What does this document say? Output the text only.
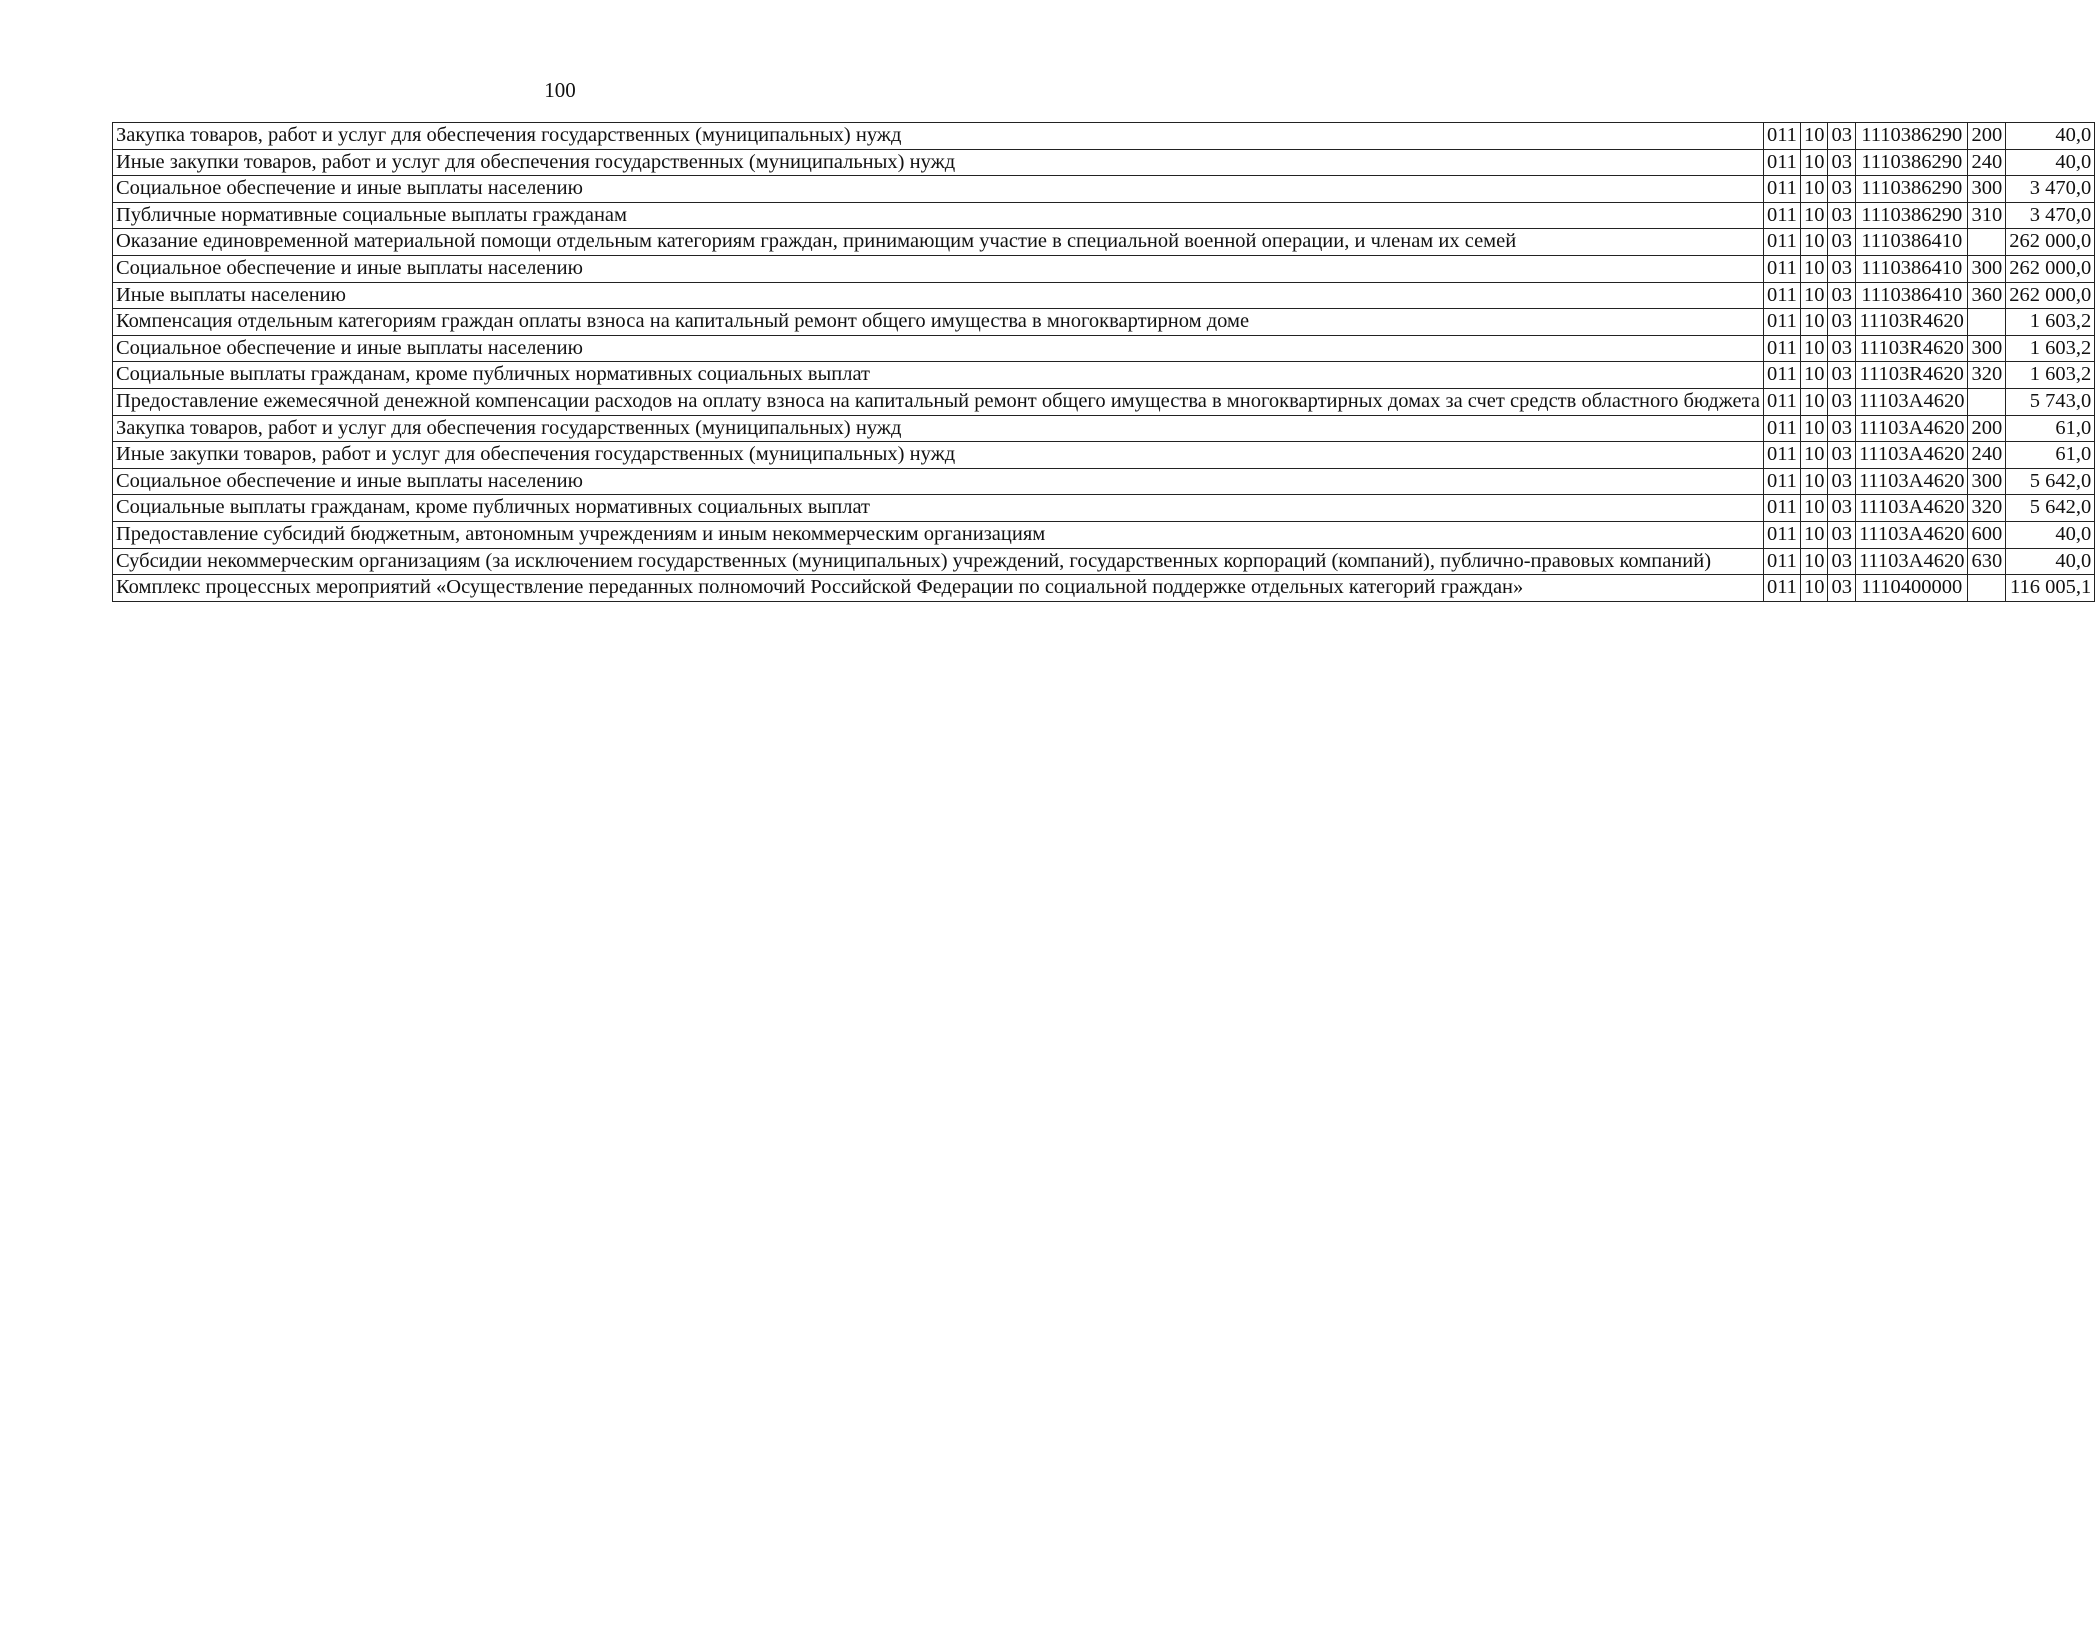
100
Закупка товаров, работ и услуг для обеспечения государственных (муниципальных) нужд	011	10	03	1110386290	200	40,0
Иные закупки товаров, работ и услуг для обеспечения государственных (муниципальных) нужд	011	10	03	1110386290	240	40,0
Социальное обеспечение и иные выплаты населению	011	10	03	1110386290	300	3 470,0
Публичные нормативные социальные выплаты гражданам	011	10	03	1110386290	310	3 470,0
Оказание единовременной материальной помощи отдельным категориям граждан, принимающим участие в специальной военной операции, и членам их семей	011	10	03	1110386410		262 000,0
Социальное обеспечение и иные выплаты населению	011	10	03	1110386410	300	262 000,0
Иные выплаты населению	011	10	03	1110386410	360	262 000,0
Компенсация отдельным категориям граждан оплаты взноса на капитальный ремонт общего имущества в многоквартирном доме	011	10	03	11103R4620		1 603,2
Социальное обеспечение и иные выплаты населению	011	10	03	11103R4620	300	1 603,2
Социальные выплаты гражданам, кроме публичных нормативных социальных выплат	011	10	03	11103R4620	320	1 603,2
Предоставление ежемесячной денежной компенсации расходов на оплату взноса на капитальный ремонт общего имущества в многоквартирных домах за счет средств областного бюджета	011	10	03	11103A4620		5 743,0
Закупка товаров, работ и услуг для обеспечения государственных (муниципальных) нужд	011	10	03	11103A4620	200	61,0
Иные закупки товаров, работ и услуг для обеспечения государственных (муниципальных) нужд	011	10	03	11103A4620	240	61,0
Социальное обеспечение и иные выплаты населению	011	10	03	11103A4620	300	5 642,0
Социальные выплаты гражданам, кроме публичных нормативных социальных выплат	011	10	03	11103A4620	320	5 642,0
Предоставление субсидий бюджетным, автономным учреждениям и иным некоммерческим организациям	011	10	03	11103A4620	600	40,0
Субсидии некоммерческим организациям (за исключением государственных (муниципальных) учреждений, государственных корпораций (компаний), публично-правовых компаний)	011	10	03	11103A4620	630	40,0
Комплекс процессных мероприятий «Осуществление переданных полномочий Российской Федерации по социальной поддержке отдельных категорий граждан»	011	10	03	1110400000		116 005,1
